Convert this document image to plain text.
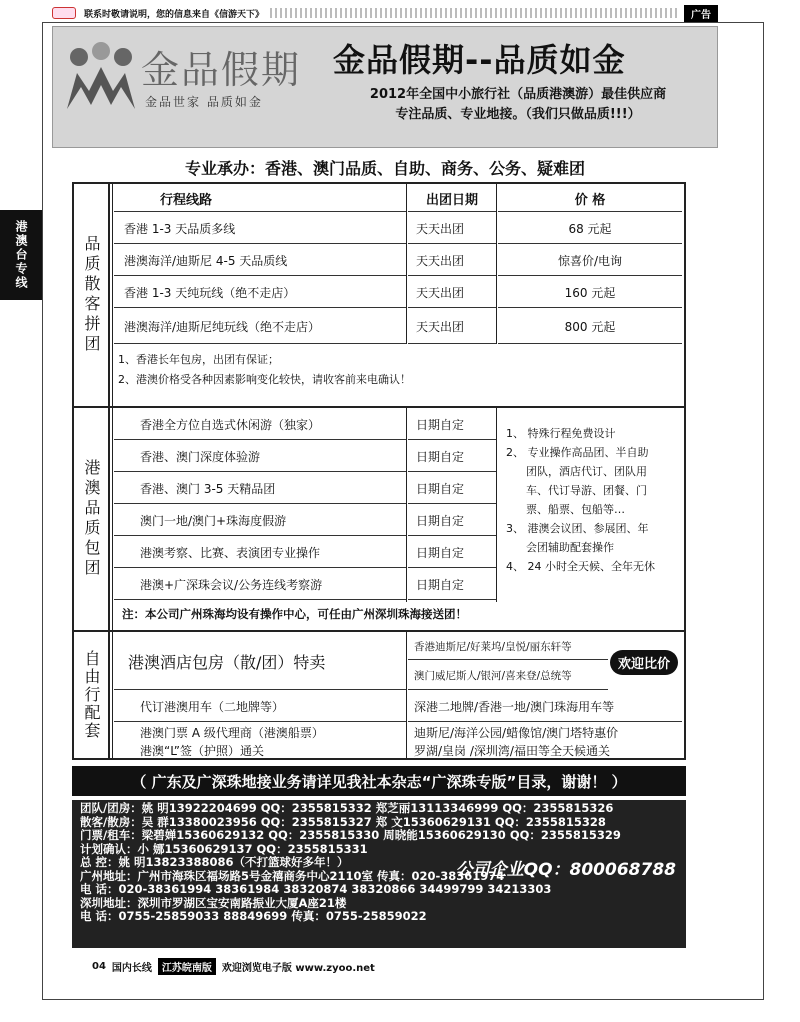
联系时敬请说明，您的信息来自《信游天下》	广告
金品假期
金品世家 品质如金
金品假期--品质如金
2012年全国中小旅行社（品质港澳游）最佳供应商
专注品质、专业地接。（我们只做品质!!!）
专业承办：香港、澳门品质、自助、商务、公务、疑难团
港澳台专线	品质散客拼团
行程线路	出团日期	价 格
香港 1-3 天品质多线	天天出团	68 元起
港澳海洋/迪斯尼 4-5 天品质线	天天出团	惊喜价/电询
香港 1-3 天纯玩线（绝不走店）	天天出团	160 元起
港澳海洋/迪斯尼纯玩线（绝不走店）	天天出团	800 元起
1、香港长年包房，出团有保证；
2、港澳价格受各种因素影响变化较快，请收客前来电确认！
港澳品质包团
香港全方位自选式休闲游（独家）	日期自定
香港、澳门深度体验游	日期自定
香港、澳门 3-5 天精品团	日期自定
澳门一地/澳门+珠海度假游	日期自定
港澳考察、比赛、表演团专业操作	日期自定
港澳+广深珠会议/公务连线考察游	日期自定
1、 特殊行程免费设计
2、 专业操作高品团、半自助
团队，酒店代订、团队用
车、代订导游、团餐、门
票、船票、包船等…
3、 港澳会议团、参展团、年
会团辅助配套操作
4、 24 小时全天候、全年无休
注：本公司广州珠海均设有操作中心，可任由广州深圳珠海接送团！
自由行配套	港澳酒店包房（散/团）特卖
香港迪斯尼/好莱坞/皇悦/丽东轩等
澳门威尼斯人/银河/喜来登/总统等
欢迎比价
代订港澳用车（二地牌等）	深港二地牌/香港一地/澳门珠海用车等
港澳门票 A 级代理商（港澳船票）	迪斯尼/海洋公园/蜡像馆/澳门塔特惠价
港澳“L”签（护照）通关	罗湖/皇岗 /深圳湾/福田等全天候通关
（ 广东及广深珠地接业务请详见我社本杂志“广深珠专版”目录，谢谢！ ）
团队/团房：姚 明13922204699 QQ：2355815332 郑芝丽13113346999 QQ：2355815326
散客/散房：吴 群13380023956 QQ：2355815327 郑 文15360629131 QQ：2355815328
门票/租车：梁碧婵15360629132 QQ：2355815330 周晓能15360629130 QQ：2355815329
计划确认：小 娜15360629137 QQ：2355815331
总 控：姚 明13823388086（不打篮球好多年！）
广州地址：广州市海珠区福场路5号金禧商务中心2110室 传真：020-38361974
电 话：020-38361994 38361984 38320874 38320866 34499799 34213303
深圳地址：深圳市罗湖区宝安南路振业大厦A座21楼
电 话：0755-25859033 88849699 传真：0755-25859022
公司企业QQ：800068788
04 国内长线	江苏皖南版	欢迎浏览电子版 www.zyoo.net
